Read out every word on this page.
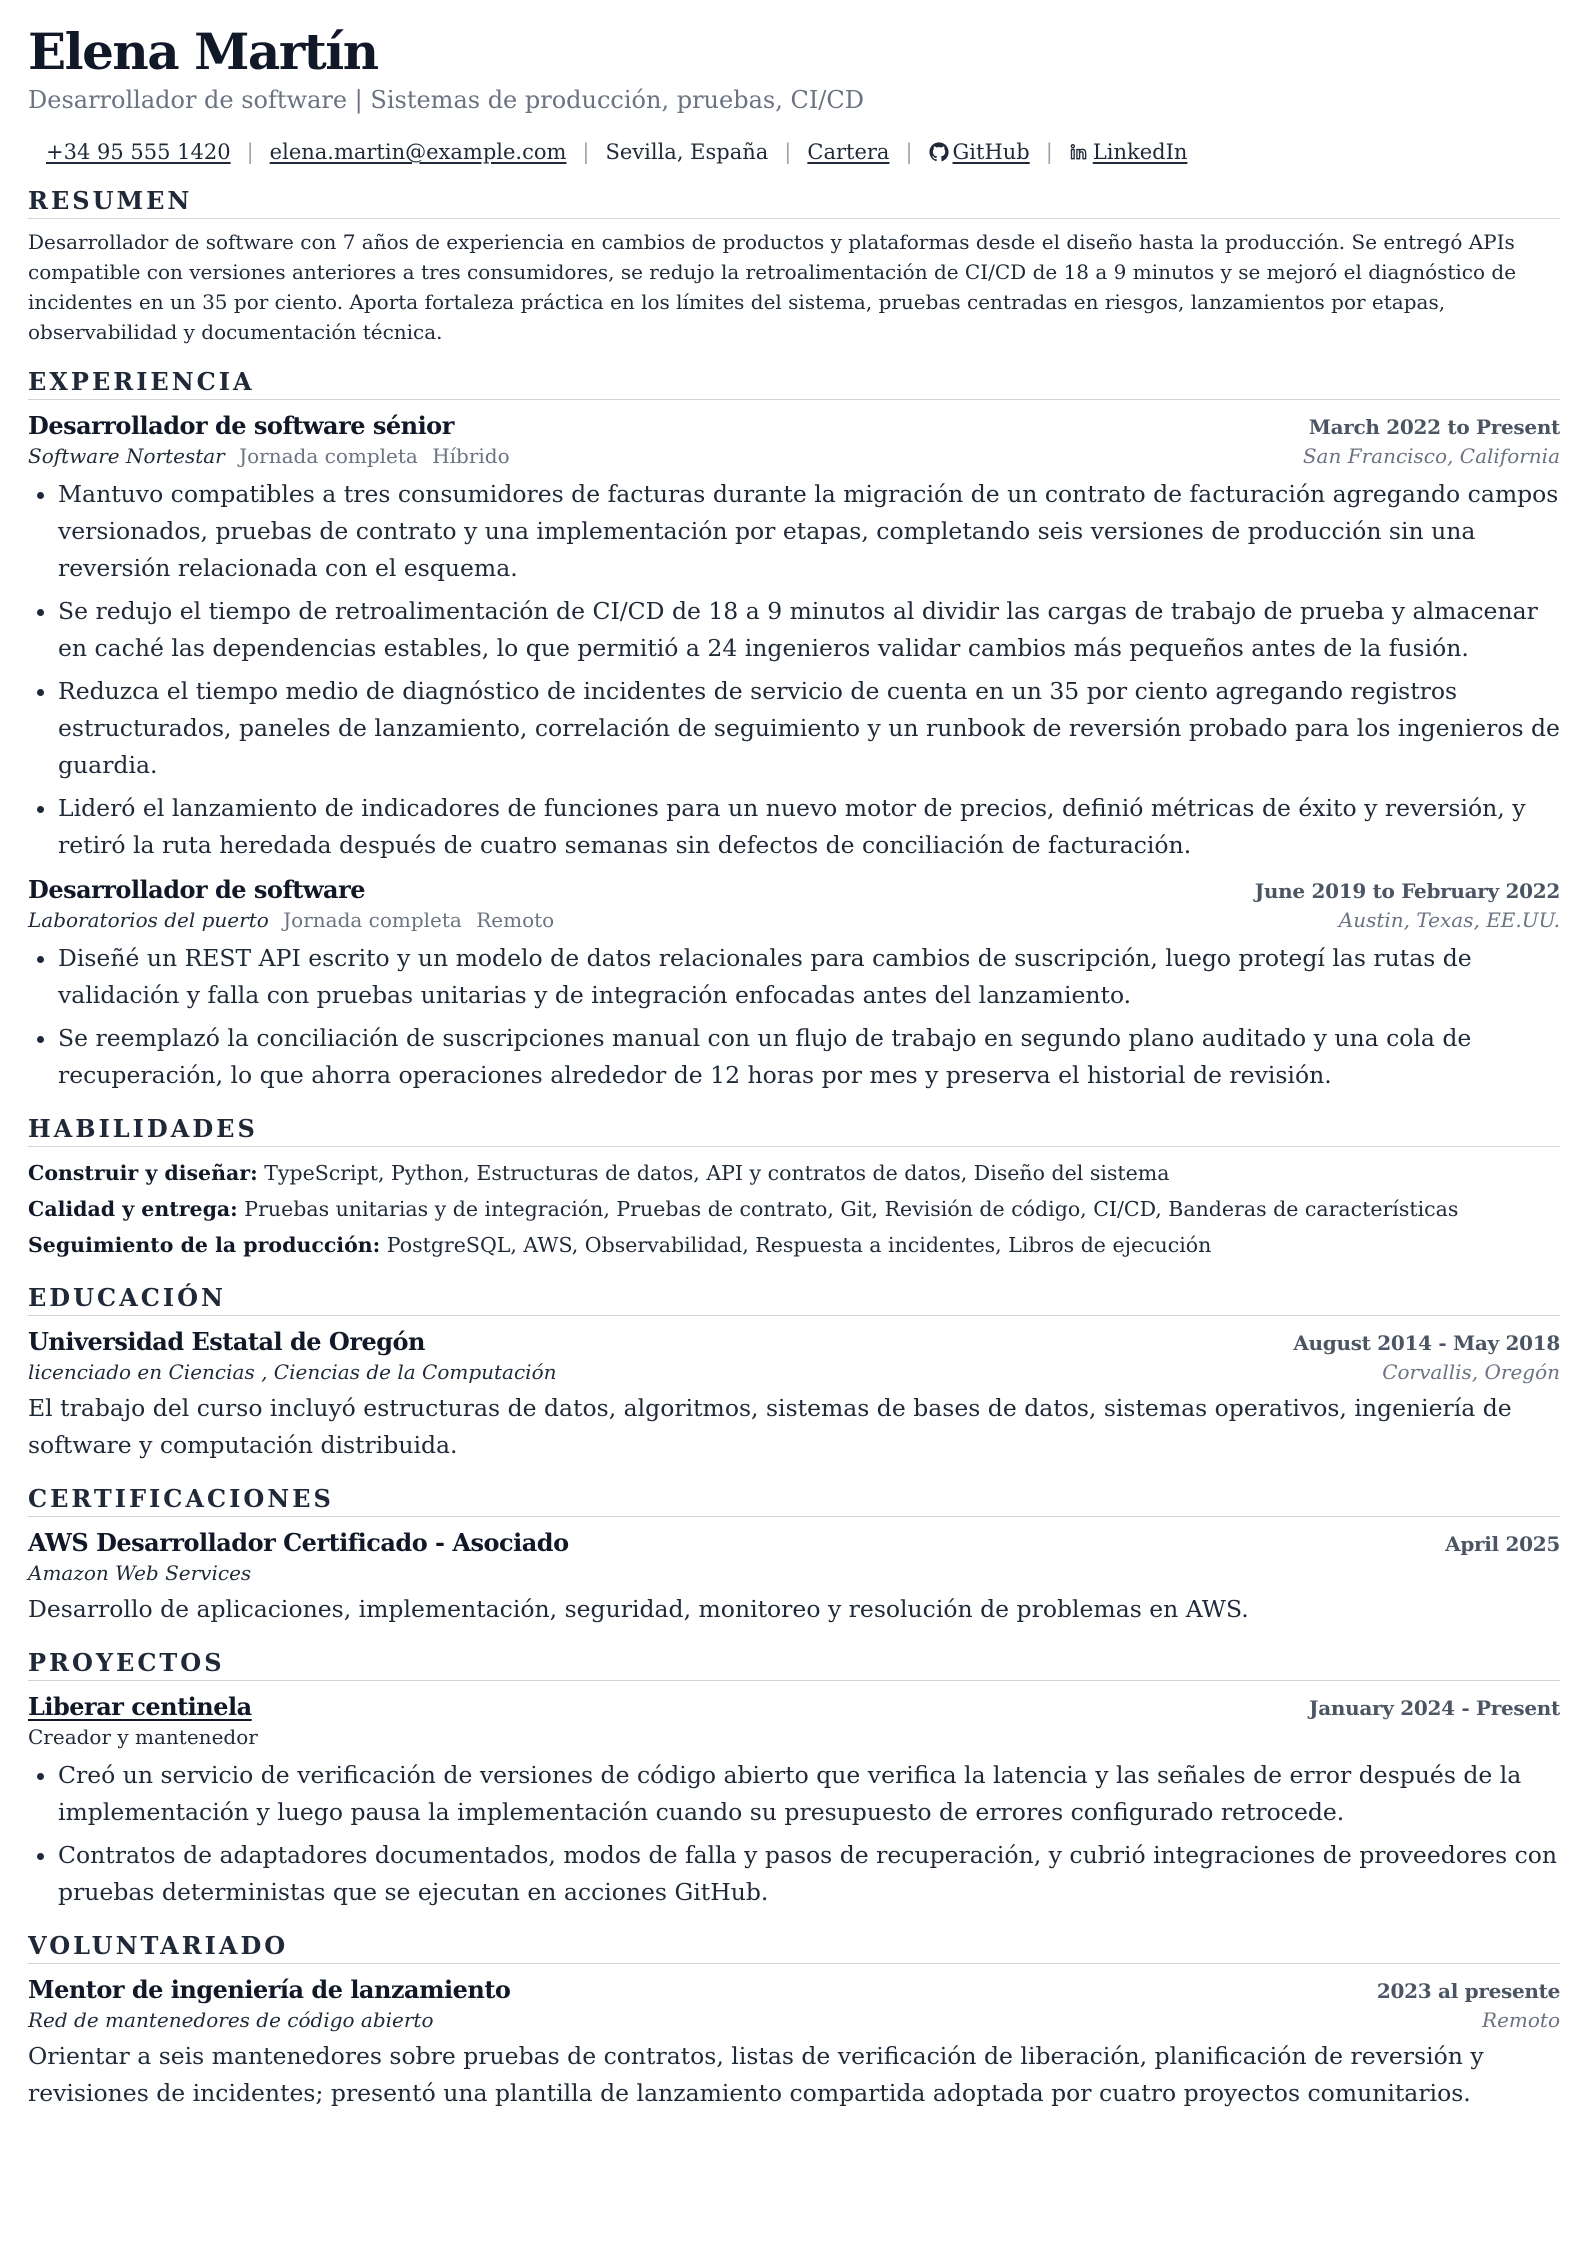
Elena Martín
Desarrollador de software | Sistemas de producción, pruebas, CI/CD
+34 95 555 1420 | elena.martin@example.com | Sevilla, España | Cartera |	GitHub |	LinkedIn
RESUMEN
Desarrollador de software con 7 años de experiencia en cambios de productos y plataformas desde el diseño hasta la producción. Se entregó APIs compatible con versiones anteriores a tres consumidores, se redujo la retroalimentación de CI/CD de 18 a 9 minutos y se mejoró el diagnóstico de incidentes en un 35 por ciento. Aporta fortaleza práctica en los límites del sistema, pruebas centradas en riesgos, lanzamientos por etapas, observabilidad y documentación técnica.
EXPERIENCIA
Desarrollador de software sénior	March 2022 to Present
Software Nortestar Jornada completa Híbrido	San Francisco, California
• Mantuvo compatibles a tres consumidores de facturas durante la migración de un contrato de facturación agregando campos versionados, pruebas de contrato y una implementación por etapas, completando seis versiones de producción sin una reversión relacionada con el esquema.
• Se redujo el tiempo de retroalimentación de CI/CD de 18 a 9 minutos al dividir las cargas de trabajo de prueba y almacenar en caché las dependencias estables, lo que permitió a 24 ingenieros validar cambios más pequeños antes de la fusión.
• Reduzca el tiempo medio de diagnóstico de incidentes de servicio de cuenta en un 35 por ciento agregando registros estructurados, paneles de lanzamiento, correlación de seguimiento y un runbook de reversión probado para los ingenieros de guardia.
• Lideró el lanzamiento de indicadores de funciones para un nuevo motor de precios, definió métricas de éxito y reversión, y retiró la ruta heredada después de cuatro semanas sin defectos de conciliación de facturación.
Desarrollador de software	June 2019 to February 2022
Laboratorios del puerto Jornada completa Remoto	Austin, Texas, EE.UU.
• Diseñé un REST API escrito y un modelo de datos relacionales para cambios de suscripción, luego protegí las rutas de validación y falla con pruebas unitarias y de integración enfocadas antes del lanzamiento.
• Se reemplazó la conciliación de suscripciones manual con un flujo de trabajo en segundo plano auditado y una cola de recuperación, lo que ahorra operaciones alrededor de 12 horas por mes y preserva el historial de revisión.
HABILIDADES
Construir y diseñar: TypeScript, Python, Estructuras de datos, API y contratos de datos, Diseño del sistema
Calidad y entrega: Pruebas unitarias y de integración, Pruebas de contrato, Git, Revisión de código, CI/CD, Banderas de características
Seguimiento de la producción: PostgreSQL, AWS, Observabilidad, Respuesta a incidentes, Libros de ejecución
EDUCACIÓN
Universidad Estatal de Oregón	August 2014 - May 2018
licenciado en Ciencias , Ciencias de la Computación	Corvallis, Oregón
El trabajo del curso incluyó estructuras de datos, algoritmos, sistemas de bases de datos, sistemas operativos, ingeniería de software y computación distribuida.
CERTIFICACIONES
AWS Desarrollador Certificado - Asociado	April 2025
Amazon Web Services
Desarrollo de aplicaciones, implementación, seguridad, monitoreo y resolución de problemas en AWS.
PROYECTOS
Liberar centinela	January 2024 - Present
Creador y mantenedor
• Creó un servicio de verificación de versiones de código abierto que verifica la latencia y las señales de error después de la implementación y luego pausa la implementación cuando su presupuesto de errores configurado retrocede.
• Contratos de adaptadores documentados, modos de falla y pasos de recuperación, y cubrió integraciones de proveedores con pruebas deterministas que se ejecutan en acciones GitHub.
VOLUNTARIADO
Mentor de ingeniería de lanzamiento	2023 al presente
Red de mantenedores de código abierto	Remoto
Orientar a seis mantenedores sobre pruebas de contratos, listas de verificación de liberación, planificación de reversión y revisiones de incidentes; presentó una plantilla de lanzamiento compartida adoptada por cuatro proyectos comunitarios.
